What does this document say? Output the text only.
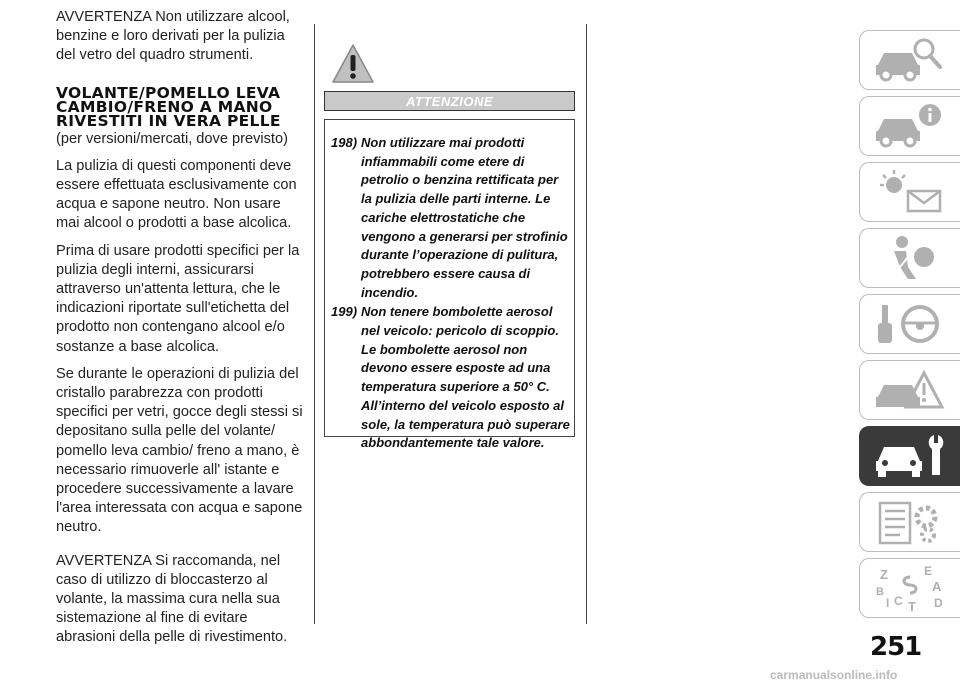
AVVERTENZA Non utilizzare alcool, benzine e loro derivati per la pulizia del vetro del quadro strumenti.

VOLANTE/POMELLO LEVA
CAMBIO/FRENO A MANO
RIVESTITI IN VERA PELLE

(per versioni/mercati, dove previsto)

La pulizia di questi componenti deve essere effettuata esclusivamente con acqua e sapone neutro. Non usare mai alcool o prodotti a base alcolica.

Prima di usare prodotti specifici per la pulizia degli interni, assicurarsi attraverso un'attenta lettura, che le indicazioni riportate sull'etichetta del prodotto non contengano alcool e/o sostanze a base alcolica.

Se durante le operazioni di pulizia del cristallo parabrezza con prodotti specifici per vetri, gocce degli stessi si depositano sulla pelle del volante/ pomello leva cambio/ freno a mano, è necessario rimuoverle all' istante e procedere successivamente a lavare l'area interessata con acqua e sapone neutro.

AVVERTENZA Si raccomanda, nel caso di utilizzo di bloccasterzo al volante, la massima cura nella sua sistemazione al fine di evitare abrasioni della pelle di rivestimento.

ATTENZIONE
198) Non utilizzare mai prodotti infiammabili come etere di petrolio o benzina rettificata per la pulizia delle parti interne. Le cariche elettrostatiche che vengono a generarsi per strofinio durante l’operazione di pulitura, potrebbero essere causa di incendio.
199) Non tenere bombolette aerosol nel veicolo: pericolo di scoppio. Le bombolette aerosol non devono essere esposte ad una temperatura superiore a 50° C. All’interno del veicolo esposto al sole, la temperatura può superare abbondantemente tale valore.
Z	E
A
B
I C T D
251
carmanualsonline.info
